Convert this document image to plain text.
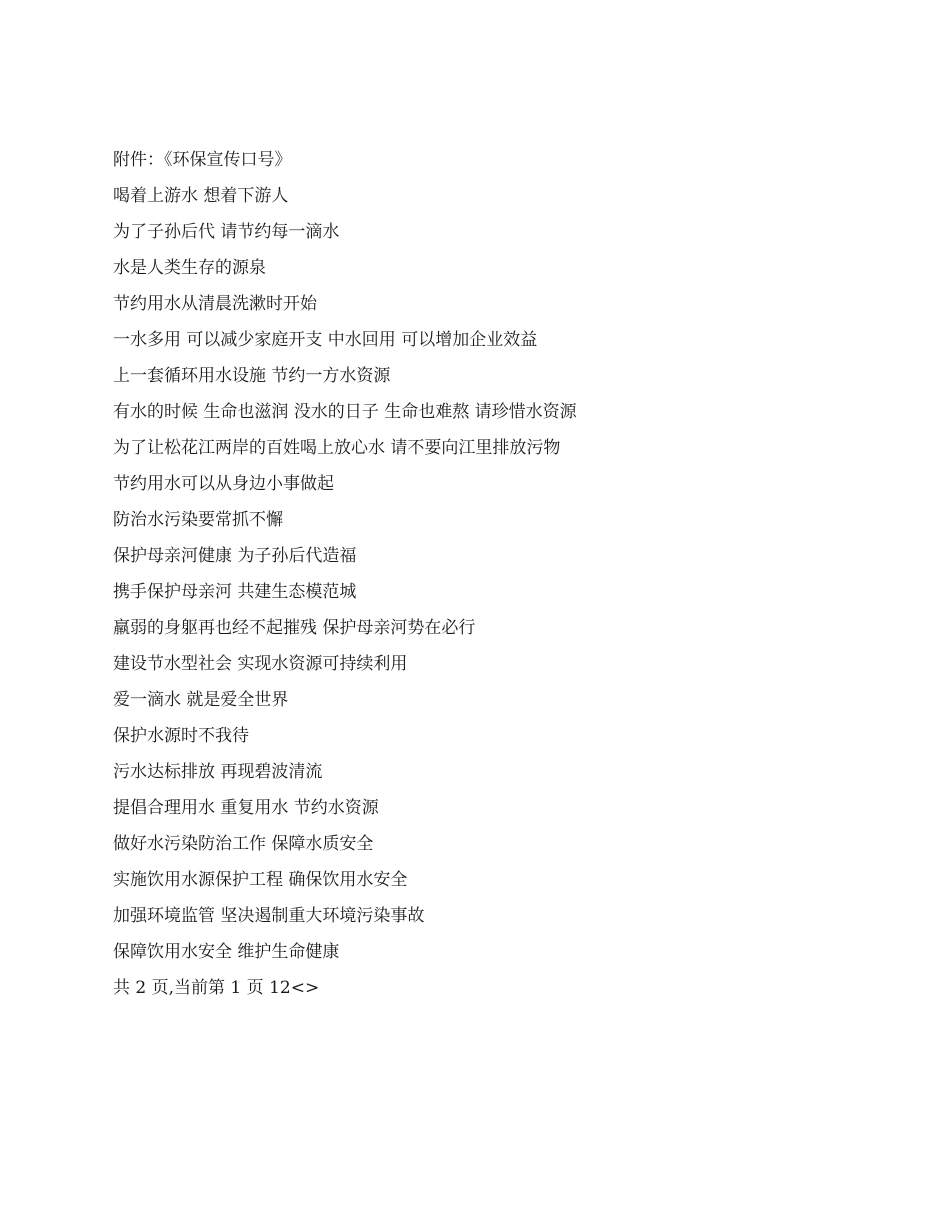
附件：《环保宣传口号》
喝着上游水 想着下游人
为了子孙后代 请节约每一滴水
水是人类生存的源泉
节约用水从清晨洗漱时开始
一水多用 可以减少家庭开支 中水回用 可以增加企业效益
上一套循环用水设施 节约一方水资源
有水的时候 生命也滋润 没水的日子 生命也难熬 请珍惜水资源
为了让松花江两岸的百姓喝上放心水 请不要向江里排放污物
节约用水可以从身边小事做起
防治水污染要常抓不懈
保护母亲河健康 为子孙后代造福
携手保护母亲河 共建生态模范城
羸弱的身躯再也经不起摧残 保护母亲河势在必行
建设节水型社会 实现水资源可持续利用
爱一滴水 就是爱全世界
保护水源时不我待
污水达标排放 再现碧波清流
提倡合理用水 重复用水 节约水资源
做好水污染防治工作 保障水质安全
实施饮用水源保护工程 确保饮用水安全
加强环境监管 坚决遏制重大环境污染事故
保障饮用水安全 维护生命健康
共 2 页,当前第 1 页 1 2 < >
